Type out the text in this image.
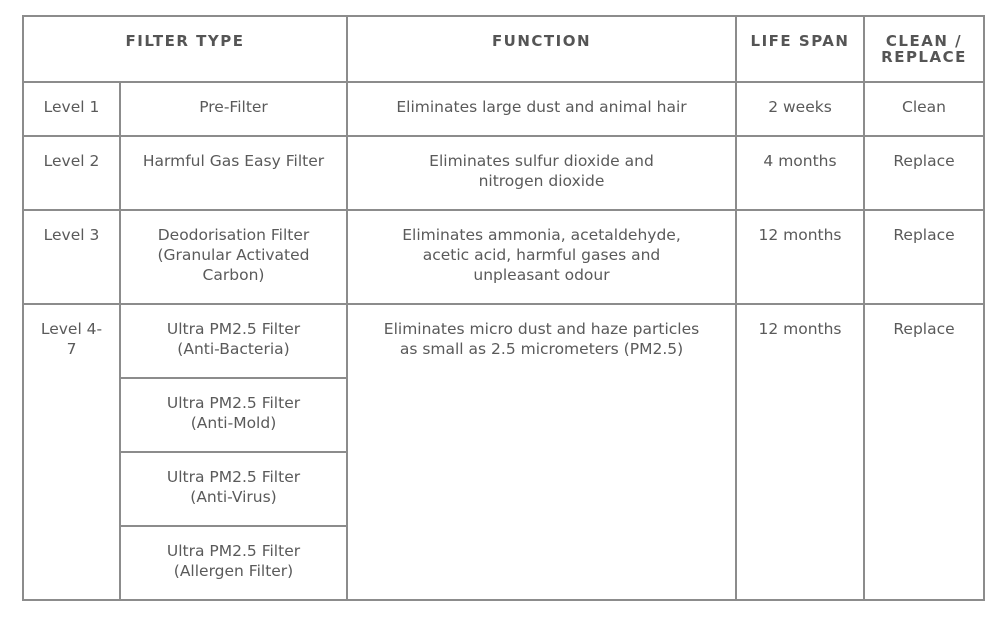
FILTER TYPE		FUNCTION	LIFE SPAN	CLEAN /
REPLACE

Level 1	Pre-Filter	Eliminates large dust and animal hair	2 weeks	Clean
Level 2	Harmful Gas Easy Filter	Eliminates sulfur dioxide and
nitrogen dioxide	4 months	Replace
Level 3	Deodorisation Filter
(Granular Activated
Carbon)	Eliminates ammonia, acetaldehyde,
acetic acid, harmful gases and
unpleasant odour	12 months	Replace

Level 4-
7	Ultra PM2.5 Filter
(Anti-Bacteria)	Eliminates micro dust and haze particles
as small as 2.5 micrometers (PM2.5)	12 months	Replace

	Ultra PM2.5 Filter
(Anti-Mold)			

	Ultra PM2.5 Filter
(Anti-Virus)			

	Ultra PM2.5 Filter
(Allergen Filter)			
